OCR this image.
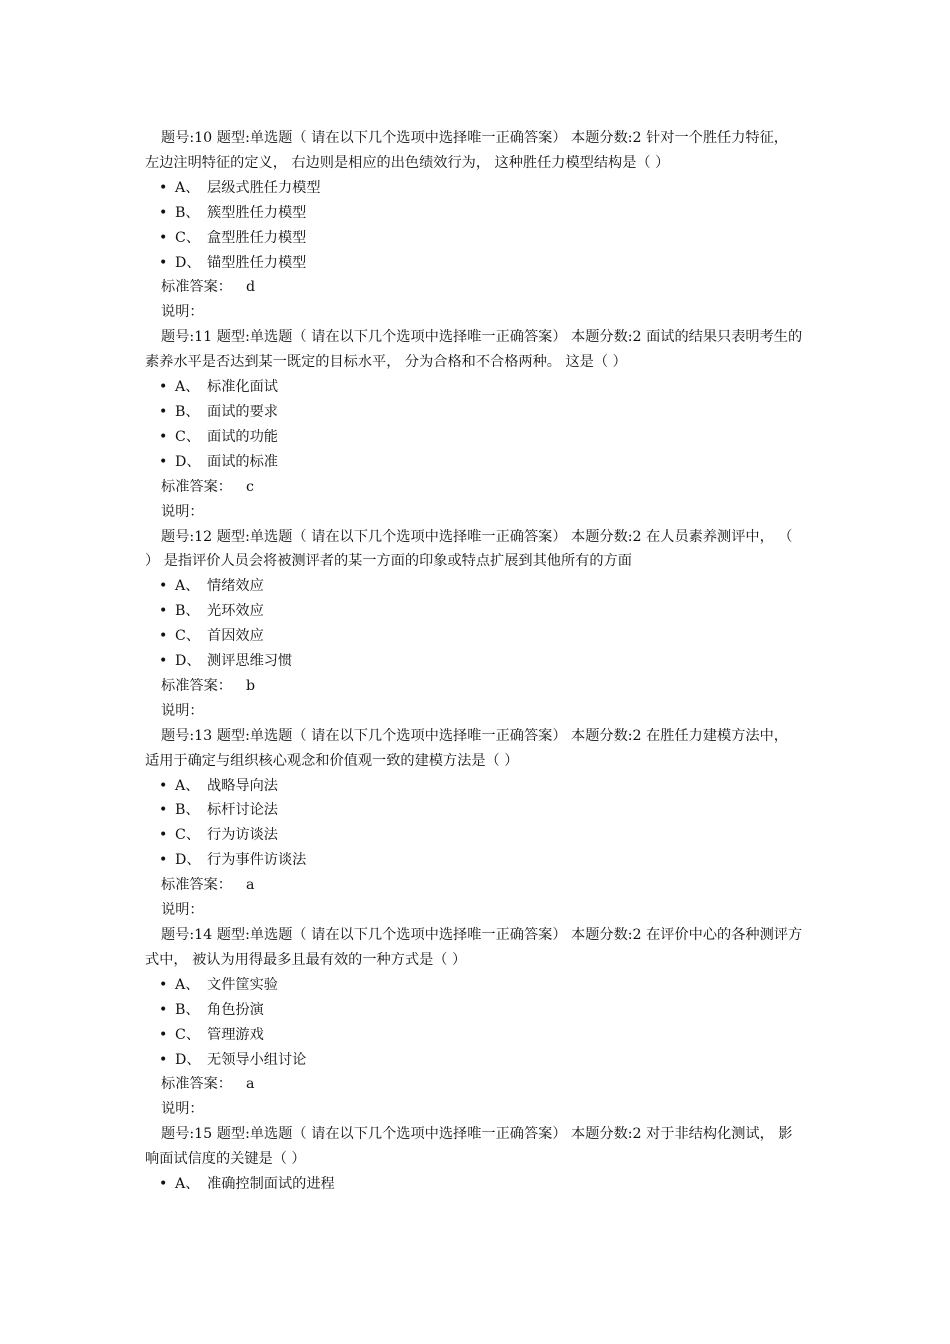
题号:10 题型:单选题（ 请在以下几个选项中选择唯一正确答案） 本题分数:2 针对一个胜任力特征， 左边注明特征的定义， 右边则是相应的出色绩效行为， 这种胜任力模型结构是（ ）

• A、 层级式胜任力模型
• B、 簇型胜任力模型
• C、 盒型胜任力模型
• D、 锚型胜任力模型

标准答案： d

说明：

题号:11 题型:单选题（ 请在以下几个选项中选择唯一正确答案） 本题分数:2 面试的结果只表明考生的素养水平是否达到某一既定的目标水平， 分为合格和不合格两种。 这是（ ）

• A、 标准化面试
• B、 面试的要求
• C、 面试的功能
• D、 面试的标准

标准答案： c

说明：

题号:12 题型:单选题（ 请在以下几个选项中选择唯一正确答案） 本题分数:2 在人员素养测评中， （ ） 是指评价人员会将被测评者的某一方面的印象或特点扩展到其他所有的方面

• A、 情绪效应
• B、 光环效应
• C、 首因效应
• D、 测评思维习惯

标准答案： b

说明：

题号:13 题型:单选题（ 请在以下几个选项中选择唯一正确答案） 本题分数:2 在胜任力建模方法中， 适用于确定与组织核心观念和价值观一致的建模方法是（ ）

• A、 战略导向法
• B、 标杆讨论法
• C、 行为访谈法
• D、 行为事件访谈法

标准答案： a

说明：

题号:14 题型:单选题（ 请在以下几个选项中选择唯一正确答案） 本题分数:2 在评价中心的各种测评方式中， 被认为用得最多且最有效的一种方式是（ ）

• A、 文件筐实验
• B、 角色扮演
• C、 管理游戏
• D、 无领导小组讨论

标准答案： a

说明：

题号:15 题型:单选题（ 请在以下几个选项中选择唯一正确答案） 本题分数:2 对于非结构化测试， 影响面试信度的关键是（ ）

• A、 准确控制面试的进程
